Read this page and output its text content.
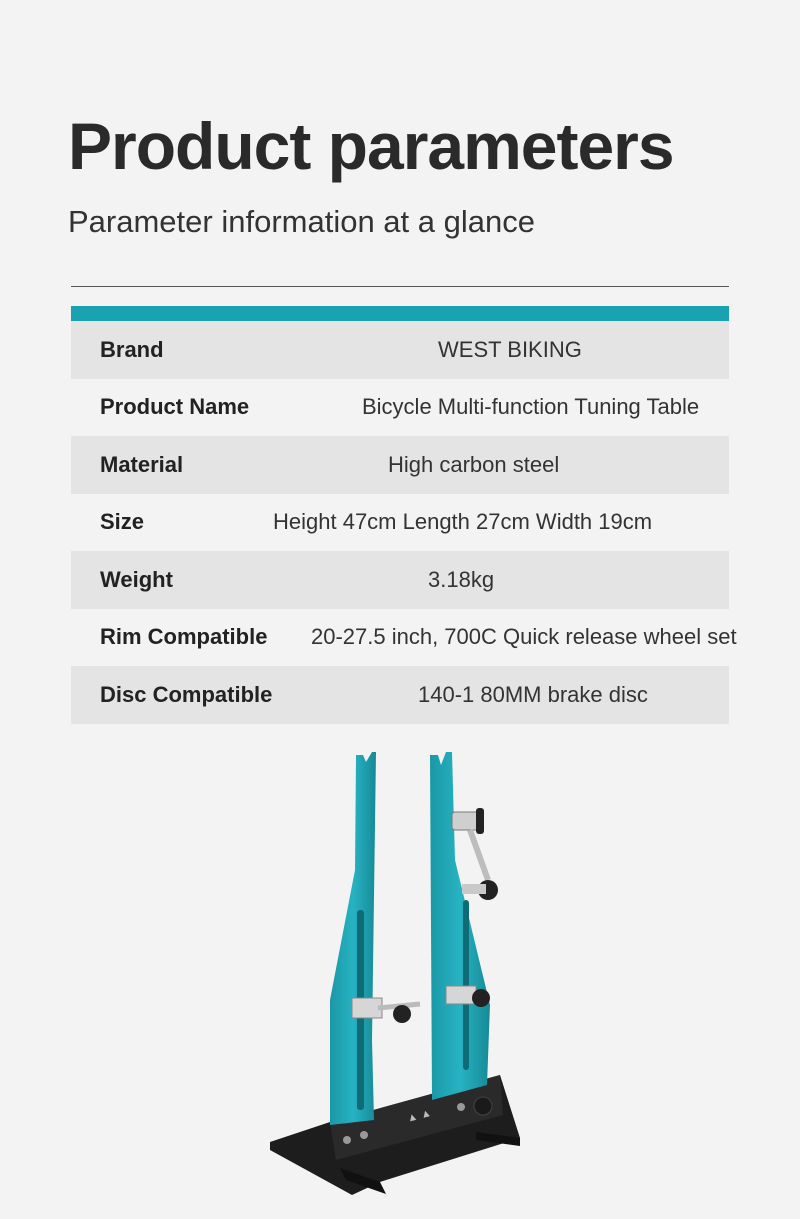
Product parameters
Parameter information at a glance
Brand	WEST BIKING
Product Name	Bicycle Multi-function Tuning Table
Material	High carbon steel
Size	Height 47cm Length 27cm Width 19cm
Weight	3.18kg
Rim Compatible 20-27.5 inch, 700C Quick release wheel set
Disc Compatible	140-1 80MM brake disc
▲ ▲
